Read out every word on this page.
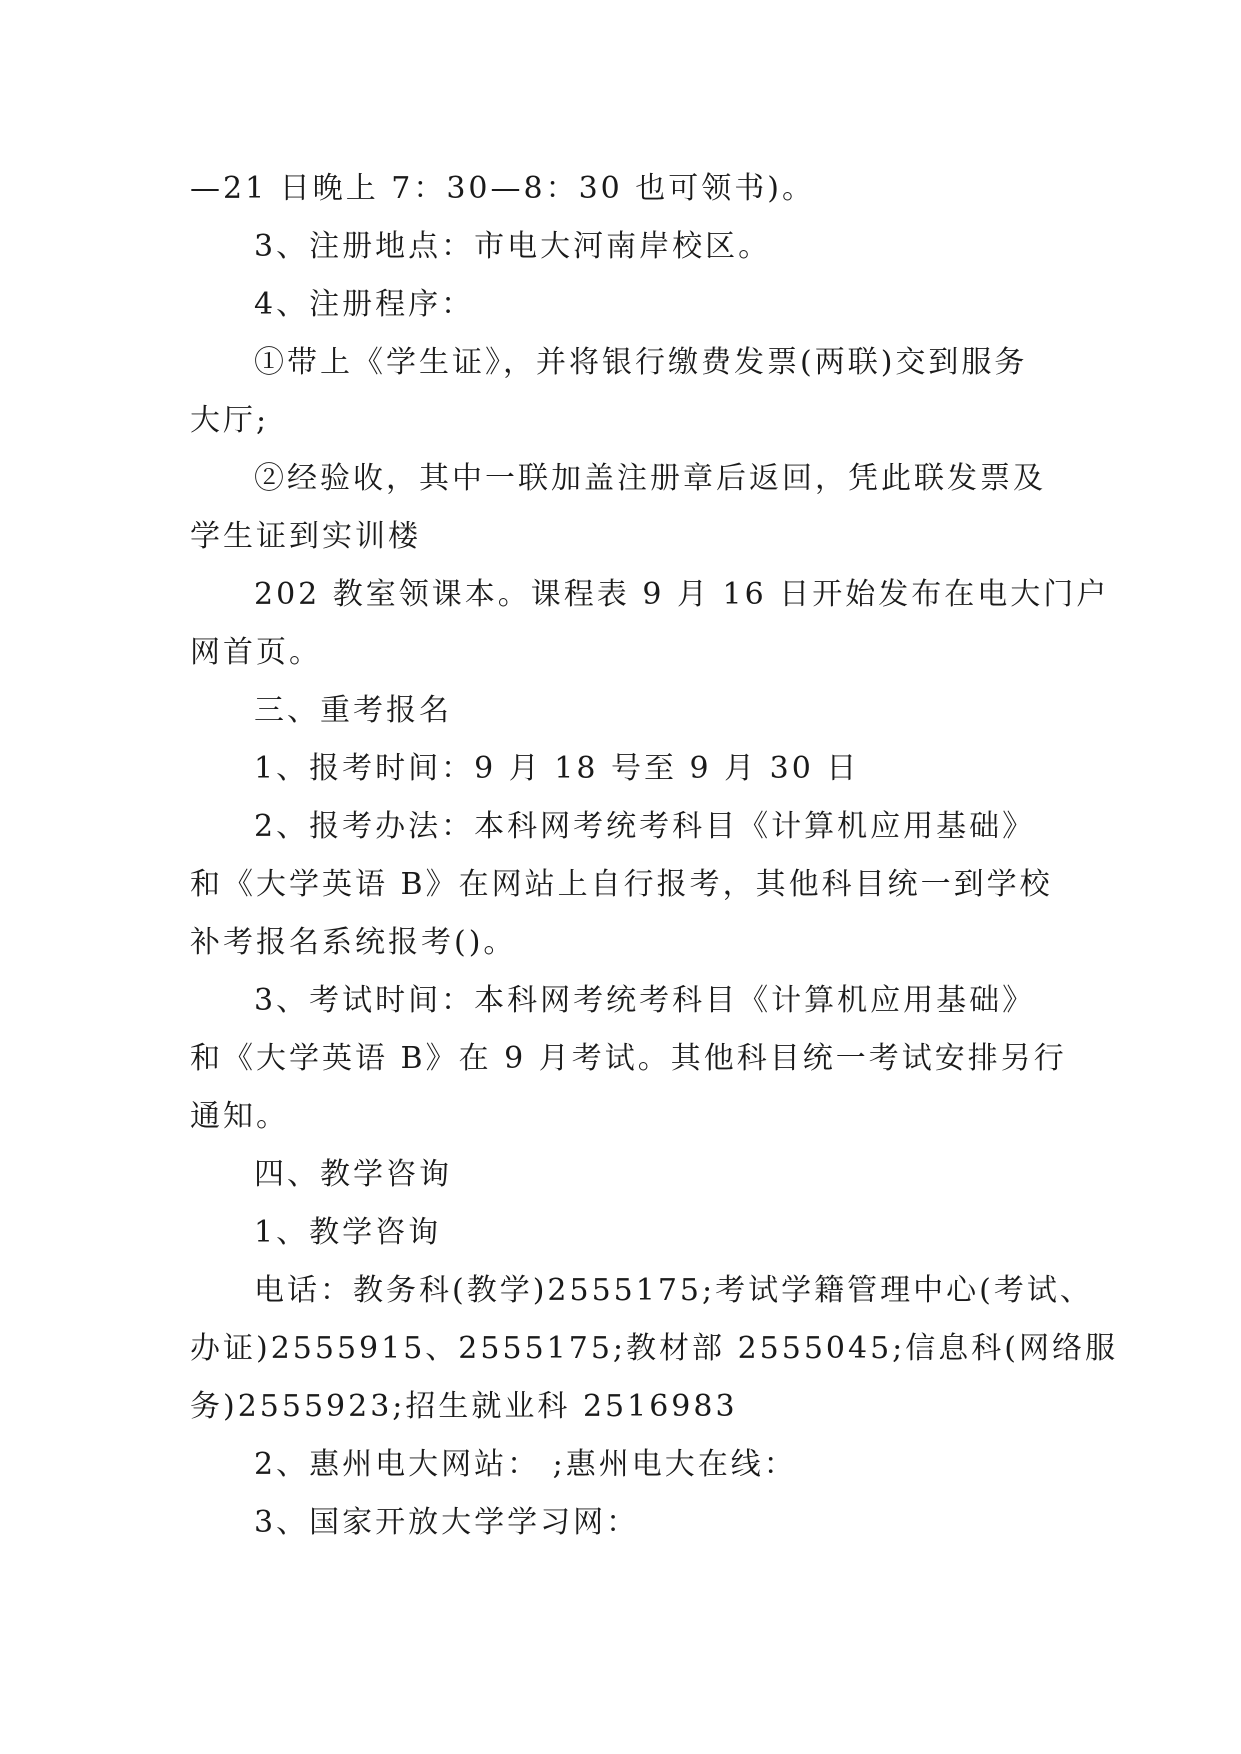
—21 日晚上 7：30—8：30 也可领书)。
3、注册地点：市电大河南岸校区。
4、注册程序：
①带上《学生证》，并将银行缴费发票(两联)交到服务
大厅;
②经验收，其中一联加盖注册章后返回，凭此联发票及
学生证到实训楼
202 教室领课本。课程表 9 月 16 日开始发布在电大门户
网首页。
三、重考报名
1、报考时间：9 月 18 号至 9 月 30 日
2、报考办法：本科网考统考科目《计算机应用基础》
和《大学英语 B》在网站上自行报考，其他科目统一到学校
补考报名系统报考()。
3、考试时间：本科网考统考科目《计算机应用基础》
和《大学英语 B》在 9 月考试。其他科目统一考试安排另行
通知。
四、教学咨询
1、教学咨询
电话：教务科(教学)2555175;考试学籍管理中心(考试、
办证)2555915、2555175;教材部 2555045;信息科(网络服
务)2555923;招生就业科 2516983
2、惠州电大网站： ;惠州电大在线：
3、国家开放大学学习网：
